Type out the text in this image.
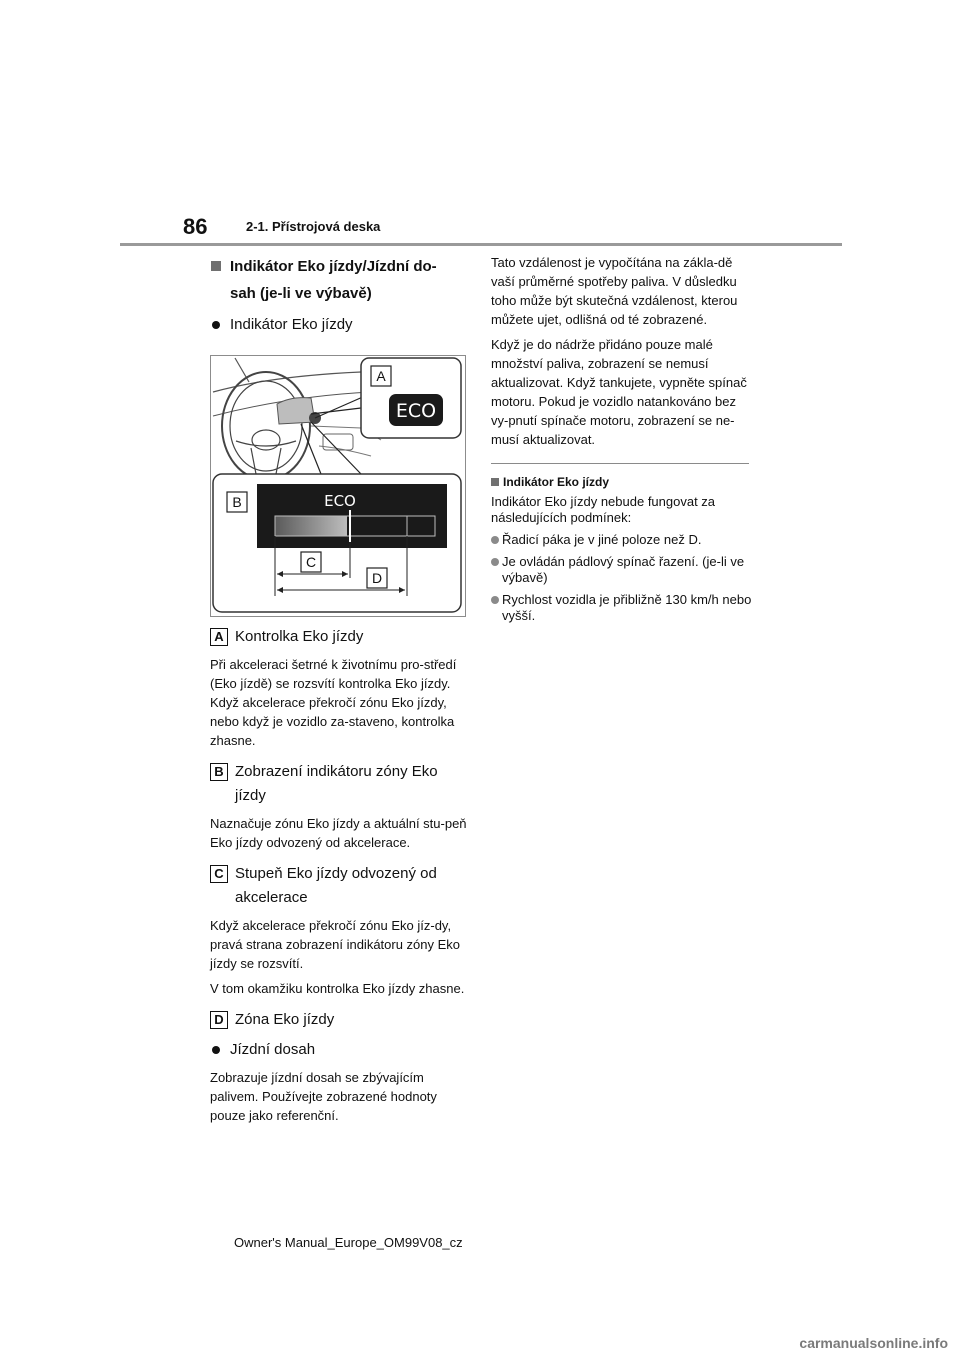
86	2-1. Přístrojová deska
Indikátor Eko jízdy/Jízdní do-sah (je-li ve výbavě)
Indikátor Eko jízdy
A
ECO
B	ECO
C
D
A Kontrolka Eko jízdy

Při akceleraci šetrné k životnímu pro-středí (Eko jízdě) se rozsvítí kontrolka Eko jízdy. Když akcelerace překročí zónu Eko jízdy, nebo když je vozidlo za-staveno, kontrolka zhasne.

B Zobrazení indikátoru zóny Eko jízdy

Naznačuje zónu Eko jízdy a aktuální stu-peň Eko jízdy odvozený od akcelerace.

C Stupeň Eko jízdy odvozený od akcelerace

Když akcelerace překročí zónu Eko jíz-dy, pravá strana zobrazení indikátoru zóny Eko jízdy se rozsvítí.

V tom okamžiku kontrolka Eko jízdy zhasne.

D Zóna Eko jízdy
Jízdní dosah

Zobrazuje jízdní dosah se zbývajícím palivem. Používejte zobrazené hodnoty pouze jako referenční.

Tato vzdálenost je vypočítána na zákla-dě vaší průměrné spotřeby paliva. V důsledku toho může být skutečná vzdálenost, kterou můžete ujet, odlišná od té zobrazené.

Když je do nádrže přidáno pouze malé množství paliva, zobrazení se nemusí aktualizovat. Když tankujete, vypněte spínač motoru. Pokud je vozidlo natankováno bez vy-pnutí spínače motoru, zobrazení se ne-musí aktualizovat.

Indikátor Eko jízdy

Indikátor Eko jízdy nebude fungovat za následujících podmínek:

Řadicí páka je v jiné poloze než D.
Je ovládán pádlový spínač řazení. (je-li ve výbavě)
Rychlost vozidla je přibližně 130 km/h nebo vyšší.
Owner's Manual_Europe_OM99V08_cz
carmanualsonline.info
